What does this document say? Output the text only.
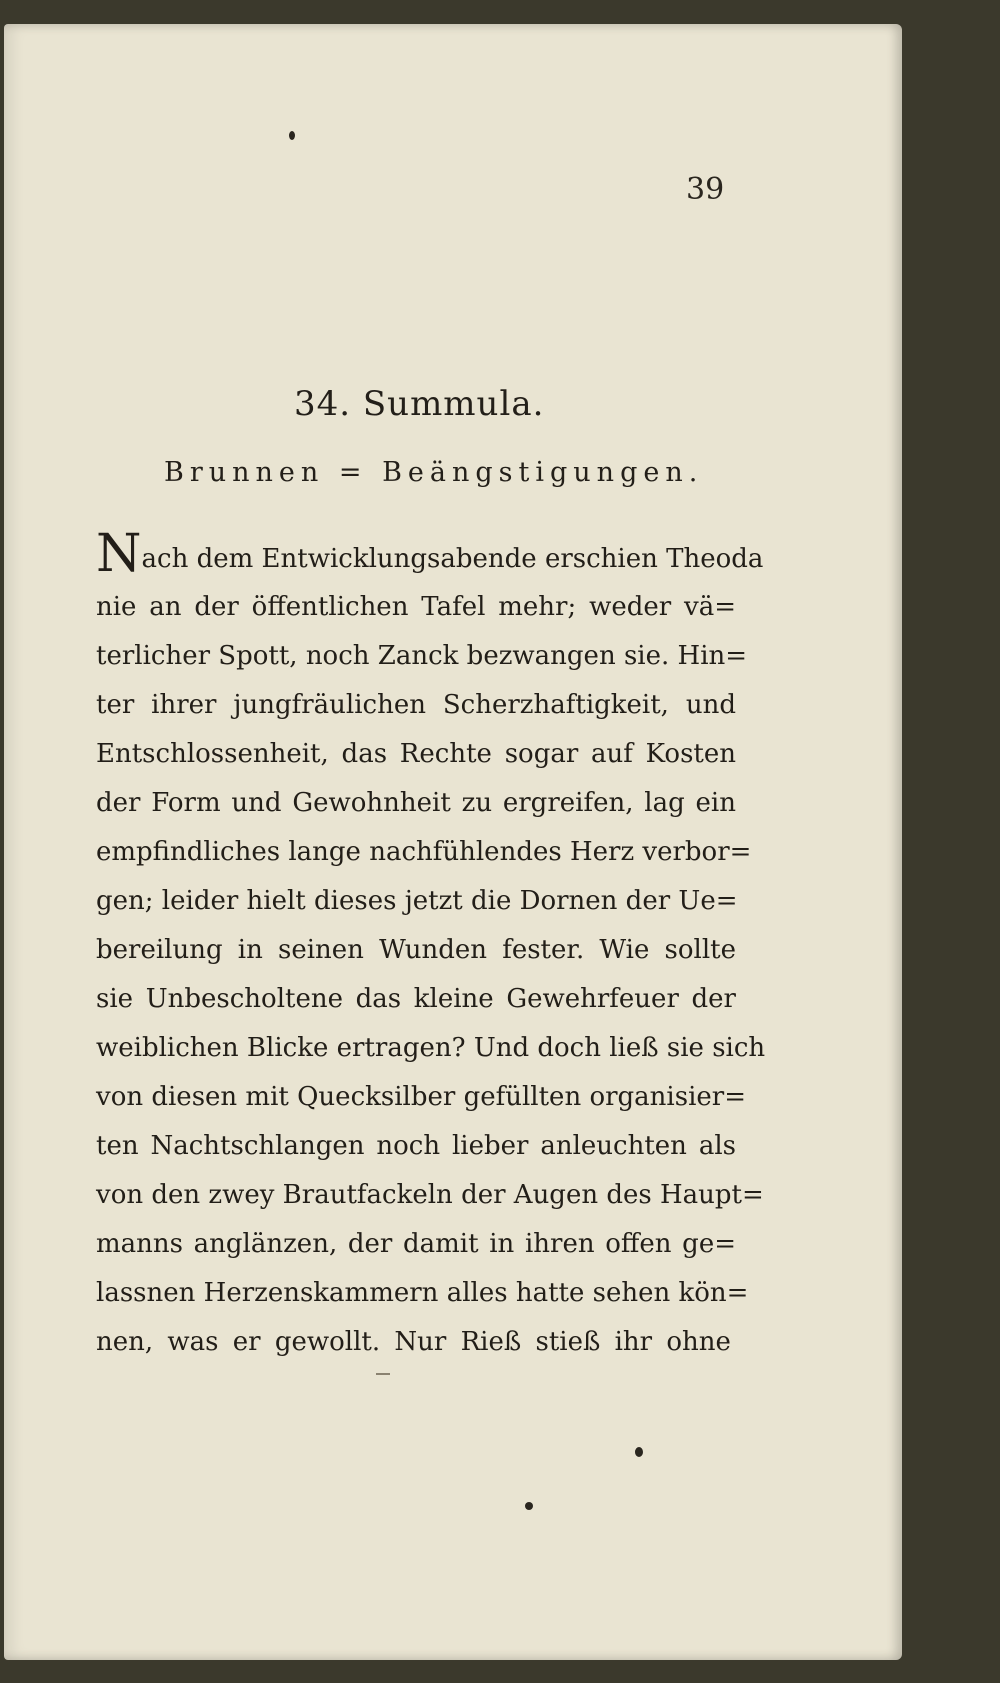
39
34. Summula.
Brunnen = Beängstigungen.
Nach dem Entwicklungsabende erschien Theoda
nie an der öffentlichen Tafel mehr; weder vä=
terlicher Spott, noch Zanck bezwangen sie. Hin=
ter ihrer jungfräulichen Scherzhaftigkeit, und
Entschlossenheit, das Rechte sogar auf Kosten
der Form und Gewohnheit zu ergreifen, lag ein
empfindliches lange nachfühlendes Herz verbor=
gen; leider hielt dieses jetzt die Dornen der Ue=
bereilung in seinen Wunden fester. Wie sollte
sie Unbescholtene das kleine Gewehrfeuer der
weiblichen Blicke ertragen? Und doch ließ sie sich
von diesen mit Quecksilber gefüllten organisier=
ten Nachtschlangen noch lieber anleuchten als
von den zwey Brautfackeln der Augen des Haupt=
manns anglänzen, der damit in ihren offen ge=
lassnen Herzenskammern alles hatte sehen kön=
nen, was er gewollt. Nur Rieß stieß ihr ohne
